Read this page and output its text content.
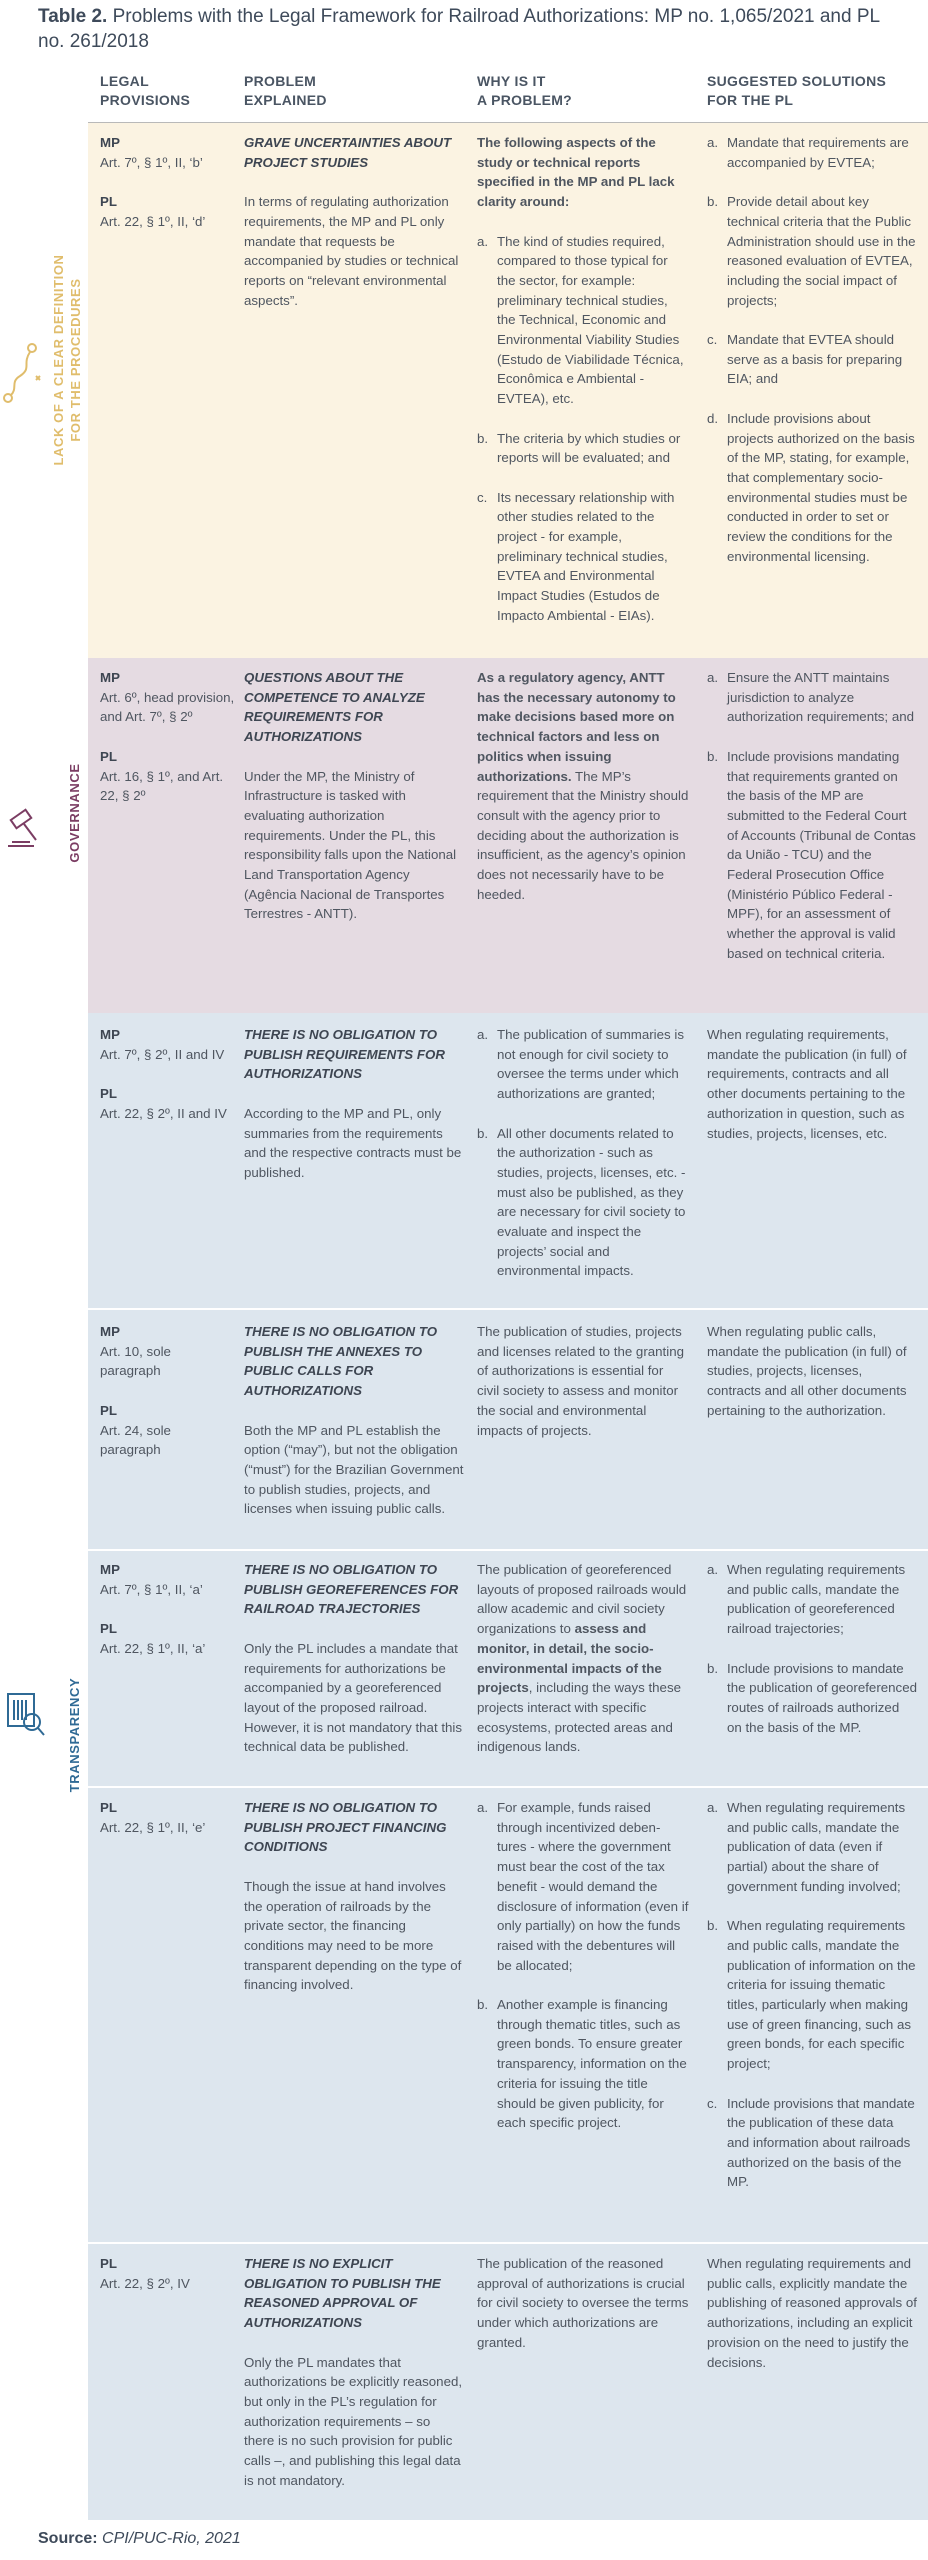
Table 2. Problems with the Legal Framework for Railroad Authorizations: MP no. 1,065/2021 and PL no. 261/2018
LEGAL
PROVISIONS
PROBLEM
EXPLAINED
WHY IS IT
A PROBLEM?
SUGGESTED SOLUTIONS
FOR THE PL
LACK OF A CLEAR DEFINITION FOR THE PROCEDURES
GOVERNANCE
TRANSPARENCY

MP

Art. 7º, § 1º, II, ‘b’

PL

Art. 22, § 1º, II, ‘d’

GRAVE UNCERTAINTIES ABOUT PROJECT STUDIES

In terms of regulating authorization requirements, the MP and PL only mandate that requests be accompanied by studies or technical reports on “relevant environmental aspects”.

The following aspects of the study or technical reports specified in the MP and PL lack clarity around:

a. The kind of studies required, compared to those typical for the sector, for example: preliminary technical studies, the Technical, Economic and Environmental Viability Studies (Estudo de Viabilidade Técnica, Econômica e Ambiental - EVTEA), etc.
b. The criteria by which studies or reports will be evaluated; and
c. Its necessary relationship with other studies related to the project - for example, preliminary technical studies, EVTEA and Environmental Impact Studies (Estudos de Impacto Ambiental - EIAs).
a. Mandate that requirements are accompanied by EVTEA;
b. Provide detail about key technical criteria that the Public Administration should use in the reasoned evaluation of EVTEA, including the social impact of projects;
c. Mandate that EVTEA should serve as a basis for preparing EIA; and
d. Include provisions about projects authorized on the basis of the MP, stating, for example, that complementary socio-environmental studies must be conducted in order to set or review the conditions for the environmental licensing.

MP

Art. 6º, head provision, and Art. 7º, § 2º

PL

Art. 16, § 1º, and Art. 22, § 2º

QUESTIONS ABOUT THE COMPETENCE TO ANALYZE REQUIREMENTS FOR AUTHORIZATIONS

Under the MP, the Ministry of Infrastructure is tasked with evaluating authorization requirements. Under the PL, this responsibility falls upon the National Land Transportation Agency (Agência Nacional de Transportes Terrestres - ANTT).

As a regulatory agency, ANTT has the necessary autonomy to make decisions based more on technical factors and less on politics when issuing authorizations. The MP’s requirement that the Ministry should consult with the agency prior to deciding about the authorization is insufficient, as the agency’s opinion does not necessarily have to be heeded.

a. Ensure the ANTT maintains jurisdiction to analyze authorization requirements; and
b. Include provisions mandating that requirements granted on the basis of the MP are submitted to the Federal Court of Accounts (Tribunal de Contas da União - TCU) and the Federal Prosecution Office (Ministério Público Federal - MPF), for an assessment of whether the approval is valid based on technical criteria.

MP

Art. 7º, § 2º, II and IV

PL

Art. 22, § 2º, II and IV

THERE IS NO OBLIGATION TO PUBLISH REQUIREMENTS FOR AUTHORIZATIONS

According to the MP and PL, only summaries from the requirements and the respective contracts must be published.

a. The publication of summaries is not enough for civil society to oversee the terms under which authorizations are granted;
b. All other documents related to the authorization - such as studies, projects, licenses, etc. - must also be published, as they are necessary for civil society to evaluate and inspect the projects’ social and environmental impacts.

When regulating requirements, mandate the publication (in full) of requirements, contracts and all other documents pertaining to the authorization in question, such as studies, projects, licenses, etc.

MP

Art. 10, sole paragraph

PL

Art. 24, sole paragraph

THERE IS NO OBLIGATION TO PUBLISH THE ANNEXES TO PUBLIC CALLS FOR AUTHORIZATIONS

Both the MP and PL establish the option (“may”), but not the obligation (“must”) for the Brazilian Government to publish studies, projects, and licenses when issuing public calls.

The publication of studies, projects and licenses related to the granting of authorizations is essential for civil society to assess and monitor the social and environmental impacts of projects.

When regulating public calls, mandate the publication (in full) of studies, projects, licenses, contracts and all other documents pertaining to the authorization.

MP

Art. 7º, § 1º, II, ‘a’

PL

Art. 22, § 1º, II, ‘a’

THERE IS NO OBLIGATION TO PUBLISH GEOREFERENCES FOR RAILROAD TRAJECTORIES

Only the PL includes a mandate that requirements for authorizations be accompanied by a georeferenced layout of the proposed railroad. However, it is not mandatory that this technical data be published.

The publication of georeferenced layouts of proposed railroads would allow academic and civil society organizations to assess and monitor, in detail, the socio-environmental impacts of the projects, including the ways these projects interact with specific ecosystems, protected areas and indigenous lands.

a. When regulating requirements and public calls, mandate the publication of georeferenced railroad trajectories;
b. Include provisions to mandate the publication of georeferenced routes of railroads authorized on the basis of the MP.

PL

Art. 22, § 1º, II, ‘e’

THERE IS NO OBLIGATION TO PUBLISH PROJECT FINANCING CONDITIONS

Though the issue at hand involves the operation of railroads by the private sector, the financing conditions may need to be more transparent depending on the type of financing involved.

a. For example, funds raised through incentivized deben-tures - where the government must bear the cost of the tax benefit - would demand the disclosure of information (even if only partially) on how the funds raised with the debentures will be allocated;
b. Another example is financing through thematic titles, such as green bonds. To ensure greater transparency, information on the criteria for issuing the title should be given publicity, for each specific project.
a. When regulating requirements and public calls, mandate the publication of data (even if partial) about the share of government funding involved;
b. When regulating requirements and public calls, mandate the publication of information on the criteria for issuing thematic titles, particularly when making use of green financing, such as green bonds, for each specific project;
c. Include provisions that mandate the publication of these data and information about railroads authorized on the basis of the MP.

PL

Art. 22, § 2º, IV

THERE IS NO EXPLICIT OBLIGATION TO PUBLISH THE REASONED APPROVAL OF AUTHORIZATIONS

Only the PL mandates that authorizations be explicitly reasoned, but only in the PL’s regulation for authorization requirements – so there is no such provision for public calls –, and publishing this legal data is not mandatory.

The publication of the reasoned approval of authorizations is crucial for civil society to oversee the terms under which authorizations are granted.

When regulating requirements and public calls, explicitly mandate the publishing of reasoned approvals of authorizations, including an explicit provision on the need to justify the decisions.

Source: CPI/PUC-Rio, 2021
